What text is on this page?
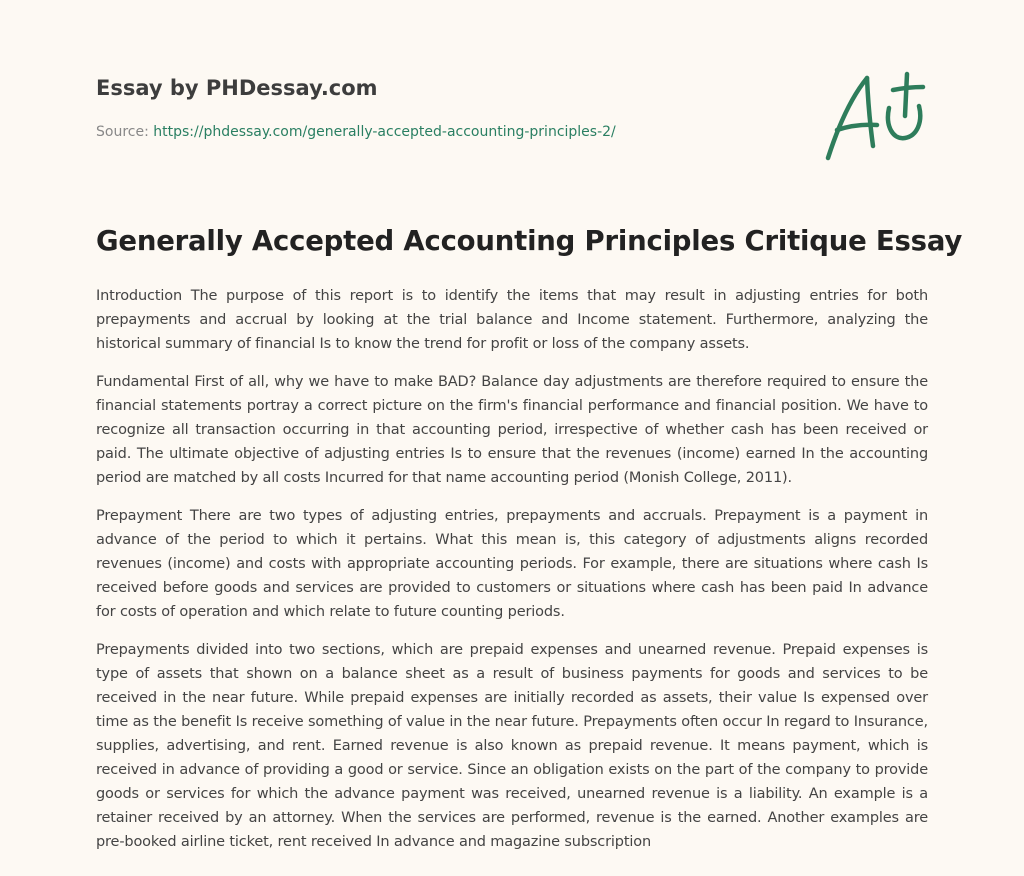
Essay by PHDessay.com
Source: https://phdessay.com/generally-accepted-accounting-principles-2/
Generally Accepted Accounting Principles Critique Essay

Introduction The purpose of this report is to identify the items that may result in adjusting entries for both prepayments and accrual by looking at the trial balance and Income statement. Furthermore, analyzing the historical summary of financial Is to know the trend for profit or loss of the company assets.

Fundamental First of all, why we have to make BAD? Balance day adjustments are therefore required to ensure the financial statements portray a correct picture on the firm's financial performance and financial position. We have to recognize all transaction occurring in that accounting period, irrespective of whether cash has been received or paid. The ultimate objective of adjusting entries Is to ensure that the revenues (income) earned In the accounting period are matched by all costs Incurred for that name accounting period (Monish College, 2011).

Prepayment There are two types of adjusting entries, prepayments and accruals. Prepayment is a payment in advance of the period to which it pertains. What this mean is, this category of adjustments aligns recorded revenues (income) and costs with appropriate accounting periods. For example, there are situations where cash Is received before goods and services are provided to customers or situations where cash has been paid In advance for costs of operation and which relate to future counting periods.

Prepayments divided into two sections, which are prepaid expenses and unearned revenue. Prepaid expenses is type of assets that shown on a balance sheet as a result of business payments for goods and services to be received in the near future. While prepaid expenses are initially recorded as assets, their value Is expensed over time as the benefit Is receive something of value in the near future. Prepayments often occur In regard to Insurance, supplies, advertising, and rent. Earned revenue is also known as prepaid revenue. It means payment, which is received in advance of providing a good or service. Since an obligation exists on the part of the company to provide goods or services for which the advance payment was received, unearned revenue is a liability. An example is a retainer received by an attorney. When the services are performed, revenue is the earned. Another examples are pre-booked airline ticket, rent received In advance and magazine subscription
